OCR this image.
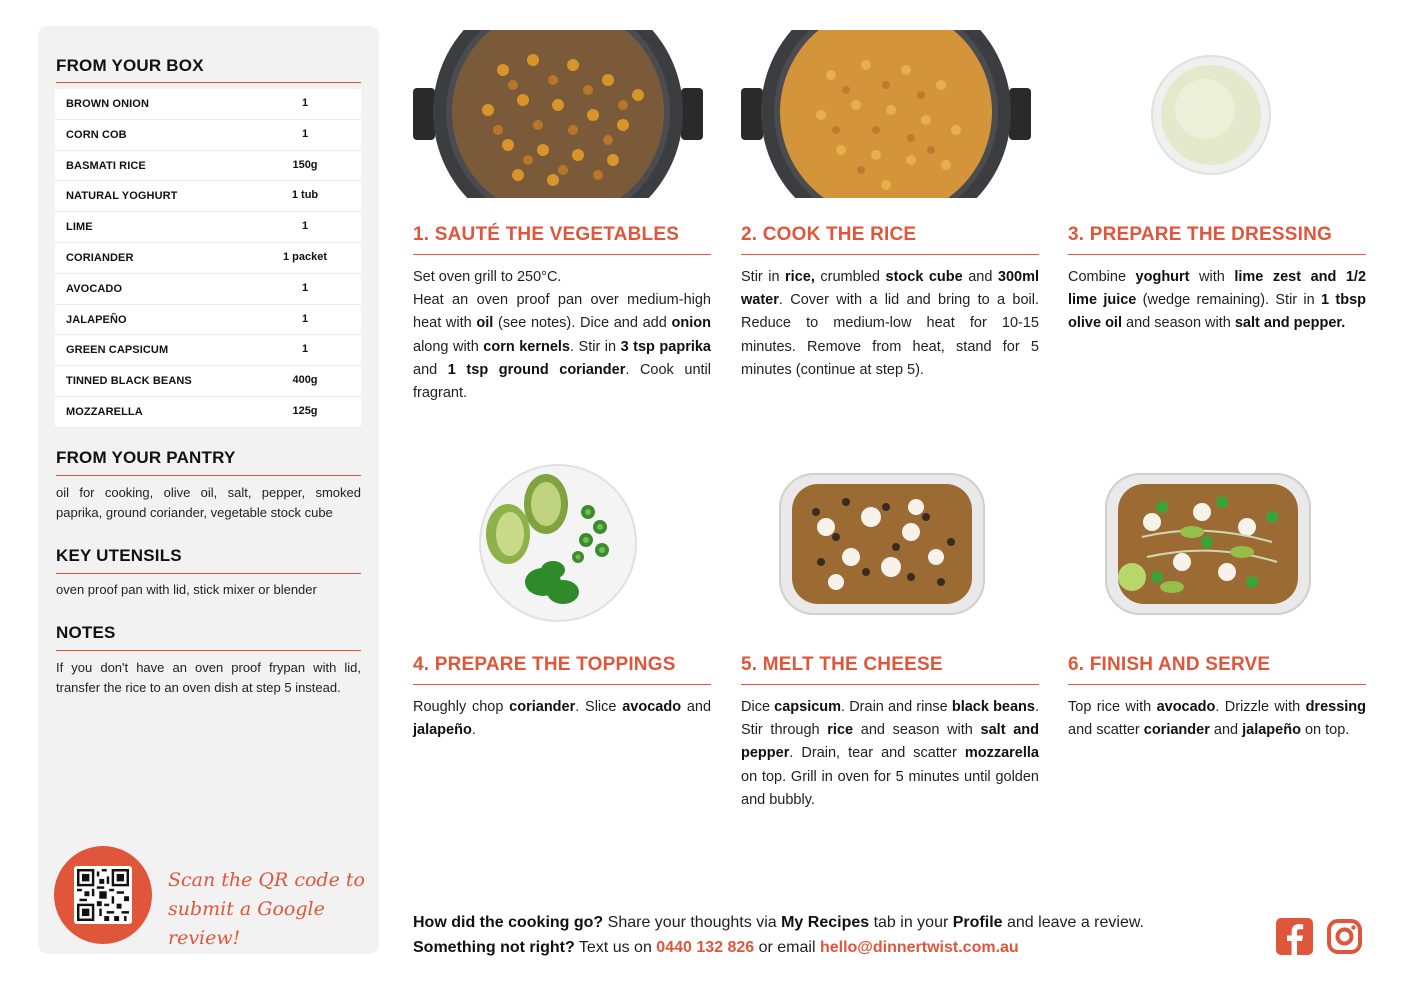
FROM YOUR BOX
BROWN ONION	1
CORN COB	1
BASMATI RICE	150g
NATURAL YOGHURT	1 tub
LIME	1
CORIANDER	1 packet
AVOCADO	1
JALAPEÑO	1
GREEN CAPSICUM	1
TINNED BLACK BEANS	400g
MOZZARELLA	125g
FROM YOUR PANTRY
oil for cooking, olive oil, salt, pepper, smoked paprika, ground coriander, vegetable stock cube
KEY UTENSILS
oven proof pan with lid, stick mixer or blender
NOTES
If you don't have an oven proof frypan with lid, transfer the rice to an oven dish at step 5 instead.
Scan the QR code to
submit a Google review!
1. SAUTÉ THE VEGETABLES
Set oven grill to 250°C.
Heat an oven proof pan over medium-high heat with oil (see notes). Dice and add onion along with corn kernels. Stir in 3 tsp paprika and 1 tsp ground coriander. Cook until fragrant.
2. COOK THE RICE
Stir in rice, crumbled stock cube and 300ml water. Cover with a lid and bring to a boil. Reduce to medium-low heat for 10-15 minutes. Remove from heat, stand for 5 minutes (continue at step 5).
3. PREPARE THE DRESSING
Combine yoghurt with lime zest and 1/2 lime juice (wedge remaining). Stir in 1 tbsp olive oil and season with salt and pepper.
4. PREPARE THE TOPPINGS
Roughly chop coriander. Slice avocado and jalapeño.
5. MELT THE CHEESE
Dice capsicum. Drain and rinse black beans. Stir through rice and season with salt and pepper. Drain, tear and scatter mozzarella on top. Grill in oven for 5 minutes until golden and bubbly.
6. FINISH AND SERVE
Top rice with avocado. Drizzle with dressing and scatter coriander and jalapeño on top.
How did the cooking go? Share your thoughts via My Recipes tab in your Profile and leave a review.
Something not right? Text us on 0440 132 826 or email hello@dinnertwist.com.au
